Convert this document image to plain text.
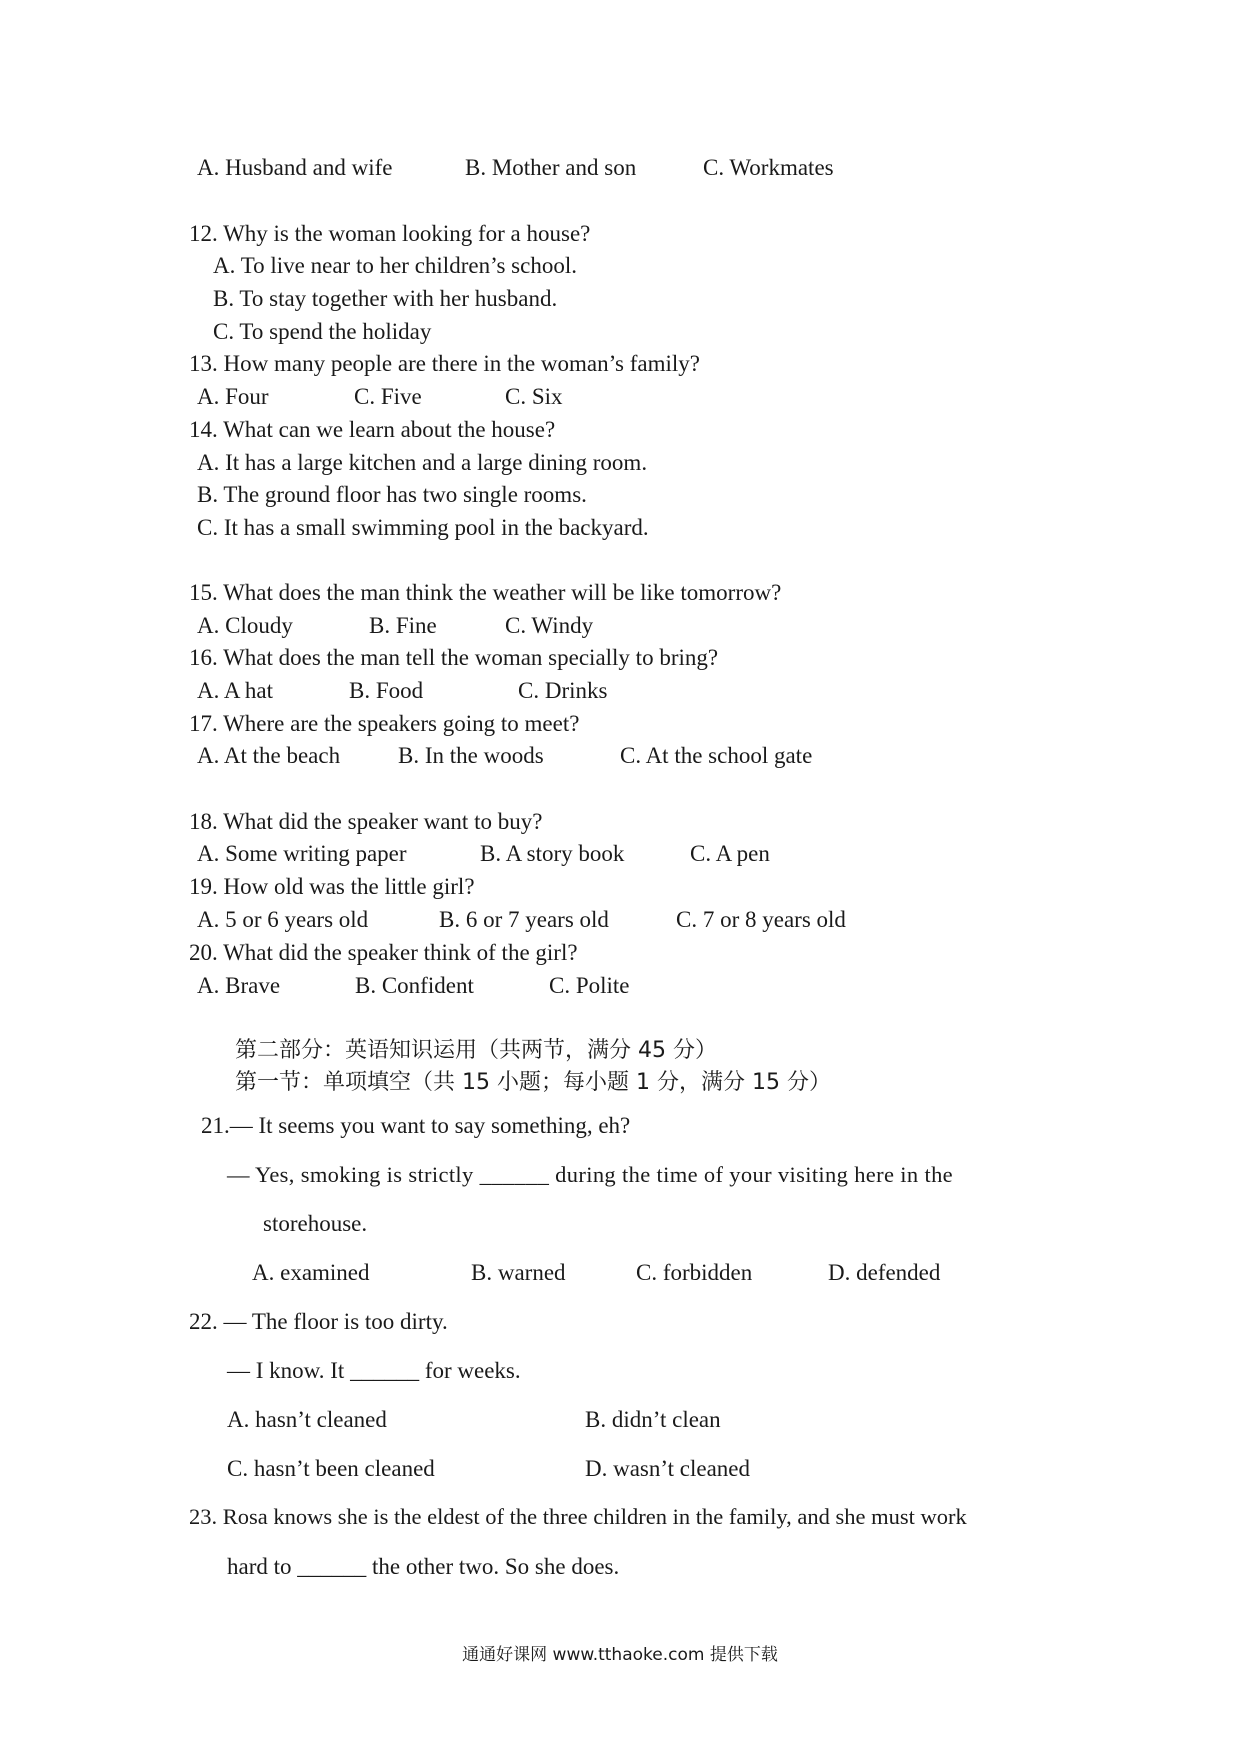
A. Husband and wife	B. Mother and son	C. Workmates
12. Why is the woman looking for a house?
A. To live near to her children’s school.
B. To stay together with her husband.
C. To spend the holiday
13. How many people are there in the woman’s family?
A. Four	C. Five	C. Six
14. What can we learn about the house?
A. It has a large kitchen and a large dining room.
B. The ground floor has two single rooms.
C. It has a small swimming pool in the backyard.
15. What does the man think the weather will be like tomorrow?
A. Cloudy	B. Fine	C. Windy
16. What does the man tell the woman specially to bring?
A. A hat	B. Food	C. Drinks
17. Where are the speakers going to meet?
A. At the beach	B. In the woods	C. At the school gate
18. What did the speaker want to buy?
A. Some writing paper	B. A story book	C. A pen
19. How old was the little girl?
A. 5 or 6 years old	B. 6 or 7 years old	C. 7 or 8 years old
20. What did the speaker think of the girl?
A. Brave	B. Confident	C. Polite
第二部分：英语知识运用（共两节，满分 45 分）
第一节：单项填空（共 15 小题；每小题 1 分，满分 15 分）
21.— It seems you want to say something, eh?
— Yes, smoking is strictly ______ during the time of your visiting here in the
storehouse.
A. examined	B. warned	C. forbidden	D. defended
22. — The floor is too dirty.
— I know. It ______ for weeks.
A. hasn’t cleaned	B. didn’t clean
C. hasn’t been cleaned	D. wasn’t cleaned
23. Rosa knows she is the eldest of the three children in the family, and she must work
hard to ______ the other two. So she does.
通通好课网 www.tthaoke.com 提供下载
